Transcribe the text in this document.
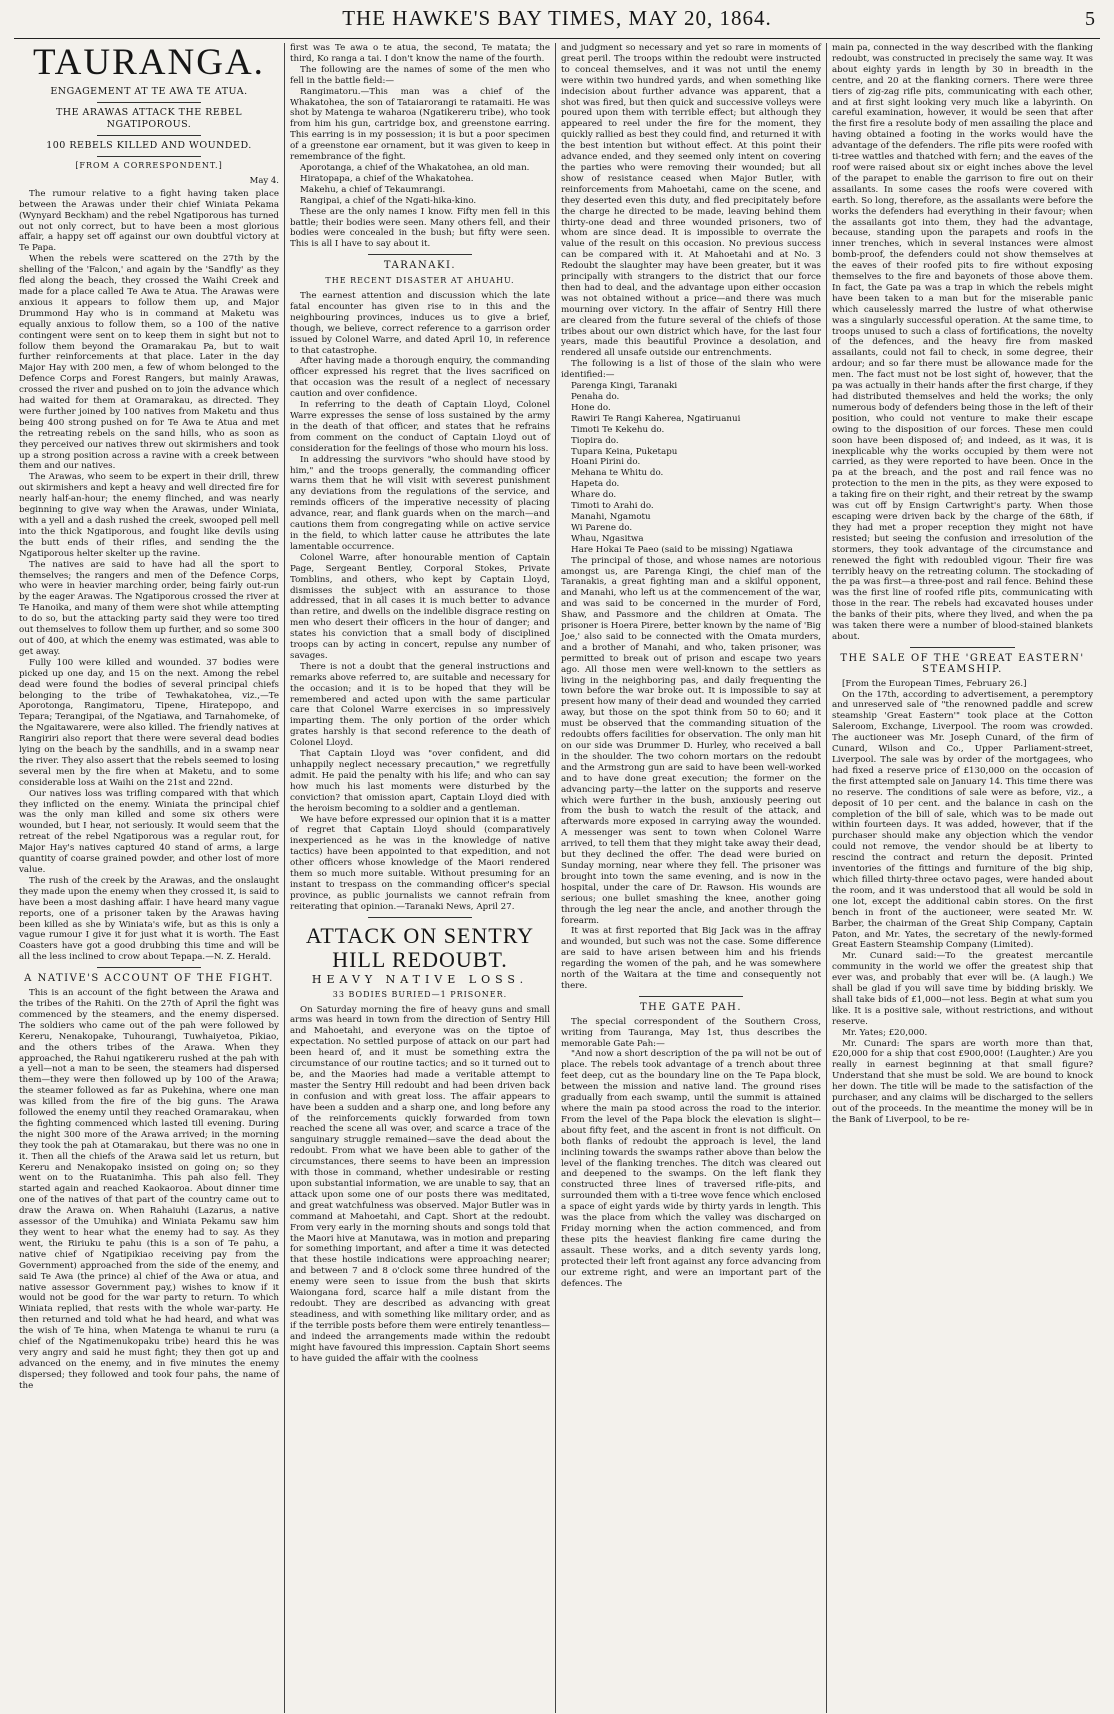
THE HAWKE'S BAY TIMES, MAY 20, 1864.	5
TAURANGA.
ENGAGEMENT AT TE AWA TE ATUA.
THE ARAWAS ATTACK THE REBEL NGATIPOROUS.
100 REBELS KILLED AND WOUNDED.
[FROM A CORRESPONDENT.]
May 4.

The rumour relative to a fight having taken place between the Arawas under their chief Winiata Pekama (Wynyard Beckham) and the rebel Ngatiporous has turned out not only correct, but to have been a most glorious affair, a happy set off against our own doubtful victory at Te Papa.

When the rebels were scattered on the 27th by the shelling of the 'Falcon,' and again by the 'Sandfly' as they fled along the beach, they crossed the Waihi Creek and made for a place called Te Awa te Atua. The Arawas were anxious it appears to follow them up, and Major Drummond Hay who is in command at Maketu was equally anxious to follow them, so a 100 of the native contingent were sent on to keep them in sight but not to follow them beyond the Oramarakau Pa, but to wait further reinforcements at that place. Later in the day Major Hay with 200 men, a few of whom belonged to the Defence Corps and Forest Rangers, but mainly Arawas, crossed the river and pushed on to join the advance which had waited for them at Oramarakau, as directed. They were further joined by 100 natives from Maketu and thus being 400 strong pushed on for Te Awa te Atua and met the retreating rebels on the sand hills, who as soon as they perceived our natives threw out skirmishers and took up a strong position across a ravine with a creek between them and our natives.

The Arawas, who seem to be expert in their drill, threw out skirmishers and kept a heavy and well directed fire for nearly half-an-hour; the enemy flinched, and was nearly beginning to give way when the Arawas, under Winiata, with a yell and a dash rushed the creek, swooped pell mell into the thick Ngatiporous, and fought like devils using the butt ends of their rifles, and sending the the Ngatiporous helter skelter up the ravine.

The natives are said to have had all the sport to themselves; the rangers and men of the Defence Corps, who were in heavier marching order, being fairly out-run by the eager Arawas. The Ngatiporous crossed the river at Te Hanoika, and many of them were shot while attempting to do so, but the attacking party said they were too tired out themselves to follow them up further, and so some 300 out of 400, at which the enemy was estimated, was able to get away.

Fully 100 were killed and wounded. 37 bodies were picked up one day, and 15 on the next. Among the rebel dead were found the bodies of several principal chiefs belonging to the tribe of Tewhakatohea, viz.,—Te Aporotonga, Rangimatoru, Tipene, Hiratepopo, and Tepara; Terangipai, of the Ngatiawa, and Tarnahomeke, of the Ngaitawarere, were also killed. The friendly natives at Rangiriri also report that there were several dead bodies lying on the beach by the sandhills, and in a swamp near the river. They also assert that the rebels seemed to losing several men by the fire when at Maketu, and to some considerable loss at Waihi on the 21st and 22nd.

Our natives loss was trifling compared with that which they inflicted on the enemy. Winiata the principal chief was the only man killed and some six others were wounded, but I hear, not seriously. It would seem that the retreat of the rebel Ngatiporous was a regular rout, for Major Hay's natives captured 40 stand of arms, a large quantity of coarse grained powder, and other lost of more value.

The rush of the creek by the Arawas, and the onslaught they made upon the enemy when they crossed it, is said to have been a most dashing affair. I have heard many vague reports, one of a prisoner taken by the Arawas having been killed as she by Winiata's wife, but as this is only a vague rumour I give it for just what it is worth. The East Coasters have got a good drubbing this time and will be all the less inclined to crow about Tepapa.—N. Z. Herald.

A NATIVE'S ACCOUNT OF THE FIGHT.

This is an account of the fight between the Arawa and the tribes of the Rahiti. On the 27th of April the fight was commenced by the steamers, and the enemy dispersed. The soldiers who came out of the pah were followed by Kereru, Nenakopake, Tuhourangi, Tuwhaiyetoa, Pikiao, and the others tribes of the Arawa. When they approached, the Rahui ngatikereru rushed at the pah with a yell—not a man to be seen, the steamers had dispersed them—they were then followed up by 100 of the Arawa; the steamer followed as far as Pukehina, where one man was killed from the fire of the big guns. The Arawa followed the enemy until they reached Oramarakau, when the fighting commenced which lasted till evening. During the night 300 more of the Arawa arrived; in the morning they took the pah at Otamarakau, but there was no one in it. Then all the chiefs of the Arawa said let us return, but Kereru and Nenakopako insisted on going on; so they went on to the Ruatanimha. This pah also fell. They started again and reached Kaokaoroa. About dinner time one of the natives of that part of the country came out to draw the Arawa on. When Rahaiuhi (Lazarus, a native assessor of the Umuhika) and Winiata Pekamu saw him they went to hear what the enemy had to say. As they went, the Ririuku te pahu (this is a son of Te pahu, a native chief of Ngatipikiao receiving pay from the Government) approached from the side of the enemy, and said Te Awa (the prince) al chief of the Awa or atua, and native assessor Government pay,) wishes to know if it would not be good for the war party to return. To which Winiata replied, that rests with the whole war-party. He then returned and told what he had heard, and what was the wish of Te hina, when Matenga te whanui te ruru (a chief of the Ngatimenukopaku tribe) heard this he was very angry and said he must fight; they then got up and advanced on the enemy, and in five minutes the enemy dispersed; they followed and took four pahs, the name of the

first was Te awa o te atua, the second, Te matata; the third, Ko ranga a tai. I don't know the name of the fourth.

The following are the names of some of the men who fell in the battle field:—

Rangimatoru.—This man was a chief of the Whakatohea, the son of Tataiarorangi te ratamaiti. He was shot by Matenga te waharoa (Ngatikereru tribe), who took from him his gun, cartridge box, and greenstone earring. This earring is in my possession; it is but a poor specimen of a greenstone ear ornament, but it was given to keep in remembrance of the fight.

Aporotanga, a chief of the Whakatohea, an old man.

Hiratopapa, a chief of the Whakatohea.

Makehu, a chief of Tekaumrangi.

Rangipai, a chief of the Ngati-hika-kino.

These are the only names I know. Fifty men fell in this battle; their bodies were seen. Many others fell, and their bodies were concealed in the bush; but fifty were seen. This is all I have to say about it.

TARANAKI.
THE RECENT DISASTER AT AHUAHU.

The earnest attention and discussion which the late fatal encounter has given rise to in this and the neighbouring provinces, induces us to give a brief, though, we believe, correct reference to a garrison order issued by Colonel Warre, and dated April 10, in reference to that catastrophe.

After having made a thorough enquiry, the commanding officer expressed his regret that the lives sacrificed on that occasion was the result of a neglect of necessary caution and over confidence.

In referring to the death of Captain Lloyd, Colonel Warre expresses the sense of loss sustained by the army in the death of that officer, and states that he refrains from comment on the conduct of Captain Lloyd out of consideration for the feelings of those who mourn his loss.

In addressing the survivors "who should have stood by him," and the troops generally, the commanding officer warns them that he will visit with severest punishment any deviations from the regulations of the service, and reminds officers of the imperative necessity of placing advance, rear, and flank guards when on the march—and cautions them from congregating while on active service in the field, to which latter cause he attributes the late lamentable occurrence.

Colonel Warre, after honourable mention of Captain Page, Sergeant Bentley, Corporal Stokes, Private Tomblins, and others, who kept by Captain Lloyd, dismisses the subject with an assurance to those addressed, that in all cases it is much better to advance than retire, and dwells on the indelible disgrace resting on men who desert their officers in the hour of danger; and states his conviction that a small body of disciplined troops can by acting in concert, repulse any number of savages.

There is not a doubt that the general instructions and remarks above referred to, are suitable and necessary for the occasion; and it is to be hoped that they will be remembered and acted upon with the same particular care that Colonel Warre exercises in so impressively imparting them. The only portion of the order which grates harshly is that second reference to the death of Colonel Lloyd.

That Captain Lloyd was "over confident, and did unhappily neglect necessary precaution," we regretfully admit. He paid the penalty with his life; and who can say how much his last moments were disturbed by the conviction? that omission apart, Captain Lloyd died with the heroism becoming to a soldier and a gentleman.

We have before expressed our opinion that it is a matter of regret that Captain Lloyd should (comparatively inexperienced as he was in the knowledge of native tactics) have been appointed to that expedition, and not other officers whose knowledge of the Maori rendered them so much more suitable. Without presuming for an instant to trespass on the commanding officer's special province, as public journalists we cannot refrain from reiterating that opinion.—Taranaki News, April 27.

ATTACK ON SENTRY HILL REDOUBT.
HEAVY NATIVE LOSS.
33 BODIES BURIED—1 PRISONER.

On Saturday morning the fire of heavy guns and small arms was heard in town from the direction of Sentry Hill and Mahoetahi, and everyone was on the tiptoe of expectation. No settled purpose of attack on our part had been heard of, and it must be something extra the circumstance of our routine tactics; and so it turned out to be, and the Maories had made a veritable attempt to master the Sentry Hill redoubt and had been driven back in confusion and with great loss. The affair appears to have been a sudden and a sharp one, and long before any of the reinforcements quickly forwarded from town reached the scene all was over, and scarce a trace of the sanguinary struggle remained—save the dead about the redoubt. From what we have been able to gather of the circumstances, there seems to have been an impression with those in command, whether undesirable or resting upon substantial information, we are unable to say, that an attack upon some one of our posts there was meditated, and great watchfulness was observed. Major Butler was in command at Mahoetahi, and Capt. Short at the redoubt. From very early in the morning shouts and songs told that the Maori hive at Manutawa, was in motion and preparing for something important, and after a time it was detected that these hostile indications were approaching nearer; and between 7 and 8 o'clock some three hundred of the enemy were seen to issue from the bush that skirts Waiongana ford, scarce half a mile distant from the redoubt. They are described as advancing with great steadiness, and with something like military order, and as if the terrible posts before them were entirely tenantless—and indeed the arrangements made within the redoubt might have favoured this impression. Captain Short seems to have guided the affair with the coolness

and judgment so necessary and yet so rare in moments of great peril. The troops within the redoubt were instructed to conceal themselves, and it was not until the enemy were within two hundred yards, and when something like indecision about further advance was apparent, that a shot was fired, but then quick and successive volleys were poured upon them with terrible effect; but although they appeared to reel under the fire for the moment, they quickly rallied as best they could find, and returned it with the best intention but without effect. At this point their advance ended, and they seemed only intent on covering the parties who were removing their wounded; but all show of resistance ceased when Major Butler, with reinforcements from Mahoetahi, came on the scene, and they deserted even this duty, and fled precipitately before the charge he directed to be made, leaving behind them thirty-one dead and three wounded prisoners, two of whom are since dead. It is impossible to overrate the value of the result on this occasion. No previous success can be compared with it. At Mahoetahi and at No. 3 Redoubt the slaughter may have been greater, but it was principally with strangers to the district that our force then had to deal, and the advantage upon either occasion was not obtained without a price—and there was much mourning over victory. In the affair of Sentry Hill there are cleared from the future several of the chiefs of those tribes about our own district which have, for the last four years, made this beautiful Province a desolation, and rendered all unsafe outside our entrenchments.

The following is a list of those of the slain who were identified:—

Parenga Kingi, Taranaki

Penaha do.

Hone do.

Rawiri Te Rangi Kaherea, Ngatiruanui

Timoti Te Kekehu do.

Tiopira do.

Tupara Keina, Puketapu

Hoani Pirini do.

Mehana te Whitu do.

Hapeta do.

Whare do.

Timoti to Arahi do.

Manahi, Ngamotu

Wi Parene do.

Whau, Ngasitwa

Hare Hokai Te Paeo (said to be missing) Ngatiawa

The principal of those, and whose names are notorious amongst us, are Parenga Kingi, the chief man of the Taranakis, a great fighting man and a skilful opponent, and Manahi, who left us at the commencement of the war, and was said to be concerned in the murder of Ford, Shaw, and Passmore and the children at Omata. The prisoner is Hoera Pirere, better known by the name of 'Big Joe,' also said to be connected with the Omata murders, and a brother of Manahi, and who, taken prisoner, was permitted to break out of prison and escape two years ago. All those men were well-known to the settlers as living in the neighboring pas, and daily frequenting the town before the war broke out. It is impossible to say at present how many of their dead and wounded they carried away, but those on the spot think from 50 to 60; and it must be observed that the commanding situation of the redoubts offers facilities for observation. The only man hit on our side was Drummer D. Hurley, who received a ball in the shoulder. The two cohorn mortars on the redoubt and the Armstrong gun are said to have been well-worked and to have done great execution; the former on the advancing party—the latter on the supports and reserve which were further in the bush, anxiously peering out from the bush to watch the result of the attack, and afterwards more exposed in carrying away the wounded. A messenger was sent to town when Colonel Warre arrived, to tell them that they might take away their dead, but they declined the offer. The dead were buried on Sunday morning, near where they fell. The prisoner was brought into town the same evening, and is now in the hospital, under the care of Dr. Rawson. His wounds are serious; one bullet smashing the knee, another going through the leg near the ancle, and another through the forearm.

It was at first reported that Big Jack was in the affray and wounded, but such was not the case. Some difference are said to have arisen between him and his friends regarding the women of the pah, and he was somewhere north of the Waitara at the time and consequently not there.

THE GATE PAH.

The special correspondent of the Southern Cross, writing from Tauranga, May 1st, thus describes the memorable Gate Pah:—

"And now a short description of the pa will not be out of place. The rebels took advantage of a trench about three feet deep, cut as the boundary line on the Te Papa block, between the mission and native land. The ground rises gradually from each swamp, until the summit is attained where the main pa stood across the road to the interior. From the level of the Papa block the elevation is slight—about fifty feet, and the ascent in front is not difficult. On both flanks of redoubt the approach is level, the land inclining towards the swamps rather above than below the level of the flanking trenches. The ditch was cleared out and deepened to the swamps. On the left flank they constructed three lines of traversed rifle-pits, and surrounded them with a ti-tree wove fence which enclosed a space of eight yards wide by thirty yards in length. This was the place from which the valley was discharged on Friday morning when the action commenced, and from these pits the heaviest flanking fire came during the assault. These works, and a ditch seventy yards long, protected their left front against any force advancing from our extreme right, and were an important part of the defences. The

main pa, connected in the way described with the flanking redoubt, was constructed in precisely the same way. It was about eighty yards in length by 30 in breadth in the centre, and 20 at the flanking corners. There were three tiers of zig-zag rifle pits, communicating with each other, and at first sight looking very much like a labyrinth. On careful examination, however, it would be seen that after the first fire a resolute body of men assailing the place and having obtained a footing in the works would have the advantage of the defenders. The rifle pits were roofed with ti-tree wattles and thatched with fern; and the eaves of the roof were raised about six or eight inches above the level of the parapet to enable the garrison to fire out on their assailants. In some cases the roofs were covered with earth. So long, therefore, as the assailants were before the works the defenders had everything in their favour; when the assailants got into them, they had the advantage, because, standing upon the parapets and roofs in the inner trenches, which in several instances were almost bomb-proof, the defenders could not show themselves at the eaves of their roofed pits to fire without exposing themselves to the fire and bayonets of those above them. In fact, the Gate pa was a trap in which the rebels might have been taken to a man but for the miserable panic which causelessly marred the lustre of what otherwise was a singularly successful operation. At the same time, to troops unused to such a class of fortifications, the novelty of the defences, and the heavy fire from masked assailants, could not fail to check, in some degree, their ardour; and so far there must be allowance made for the men. The fact must not be lost sight of, however, that the pa was actually in their hands after the first charge, if they had distributed themselves and held the works; the only numerous body of defenders being those in the left of their position, who could not venture to make their escape owing to the disposition of our forces. These men could soon have been disposed of; and indeed, as it was, it is inexplicable why the works occupied by them were not carried, as they were reported to have been. Once in the pa at the breach, and the post and rail fence was no protection to the men in the pits, as they were exposed to a taking fire on their right, and their retreat by the swamp was cut off by Ensign Cartwright's party. When those escaping were driven back by the charge of the 68th, if they had met a proper reception they might not have resisted; but seeing the confusion and irresolution of the stormers, they took advantage of the circumstance and renewed the fight with redoubled vigour. Their fire was terribly heavy on the retreating column. The stockading of the pa was first—a three-post and rail fence. Behind these was the first line of roofed rifle pits, communicating with those in the rear. The rebels had excavated houses under the banks of their pits, where they lived, and when the pa was taken there were a number of blood-stained blankets about.

THE SALE OF THE 'GREAT EASTERN' STEAMSHIP.

[From the European Times, February 26.]

On the 17th, according to advertisement, a peremptory and unreserved sale of "the renowned paddle and screw steamship 'Great Eastern'" took place at the Cotton Saleroom, Exchange, Liverpool. The room was crowded. The auctioneer was Mr. Joseph Cunard, of the firm of Cunard, Wilson and Co., Upper Parliament-street, Liverpool. The sale was by order of the mortgagees, who had fixed a reserve price of £130,000 on the occasion of the first attempted sale on January 14. This time there was no reserve. The conditions of sale were as before, viz., a deposit of 10 per cent. and the balance in cash on the completion of the bill of sale, which was to be made out within fourteen days. It was added, however, that if the purchaser should make any objection which the vendor could not remove, the vendor should be at liberty to rescind the contract and return the deposit. Printed inventories of the fittings and furniture of the big ship, which filled thirty-three octavo pages, were handed about the room, and it was understood that all would be sold in one lot, except the additional cabin stores. On the first bench in front of the auctioneer, were seated Mr. W. Barber, the chairman of the Great Ship Company, Captain Paton, and Mr. Yates, the secretary of the newly-formed Great Eastern Steamship Company (Limited).

Mr. Cunard said:—To the greatest mercantile community in the world we offer the greatest ship that ever was, and probably that ever will be. (A laugh.) We shall be glad if you will save time by bidding briskly. We shall take bids of £1,000—not less. Begin at what sum you like. It is a positive sale, without restrictions, and without reserve.

Mr. Yates; £20,000.

Mr. Cunard: The spars are worth more than that, £20,000 for a ship that cost £900,000! (Laughter.) Are you really in earnest beginning at that small figure? Understand that she must be sold. We are bound to knock her down. The title will be made to the satisfaction of the purchaser, and any claims will be discharged to the sellers out of the proceeds. In the meantime the money will be in the Bank of Liverpool, to be re-
